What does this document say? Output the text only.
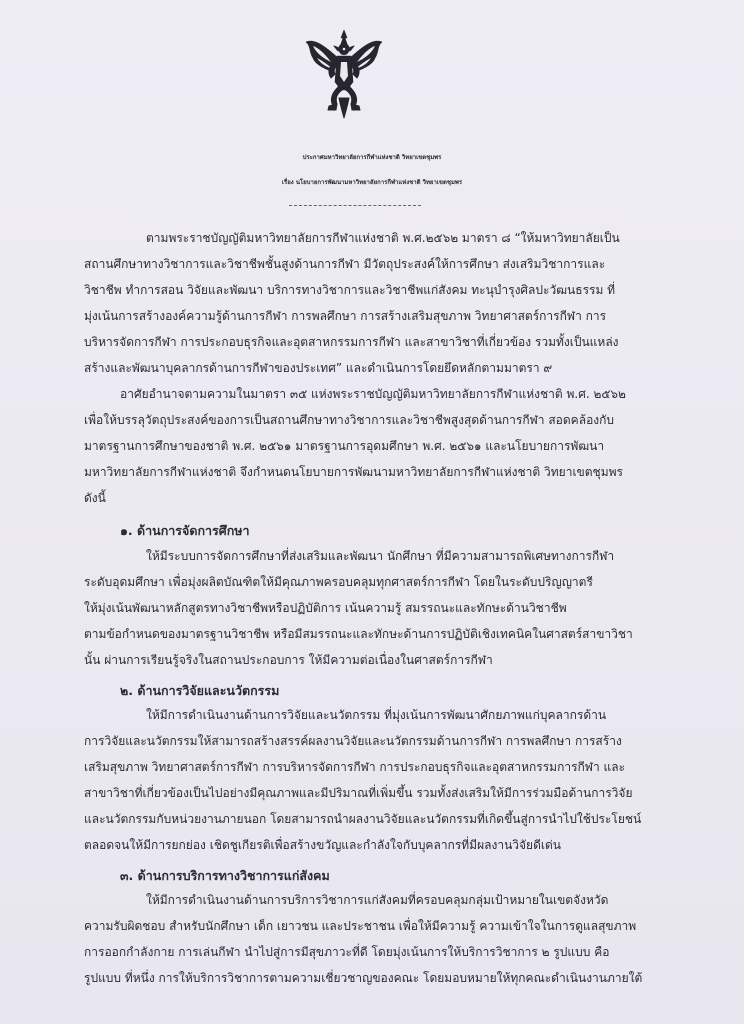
ประกาศมหาวิทยาลัยการกีฬาแห่งชาติ วิทยาเขตชุมพร
เรื่อง นโยบายการพัฒนามหาวิทยาลัยการกีฬาแห่งชาติ วิทยาเขตชุมพร
ตามพระราชบัญญัติมหาวิทยาลัยการกีฬาแห่งชาติ พ.ศ.๒๕๖๒ มาตรา ๘ “ให้มหาวิทยาลัยเป็น
สถานศึกษาทางวิชาการและวิชาชีพชั้นสูงด้านการกีฬา มีวัตถุประสงค์ให้การศึกษา ส่งเสริมวิชาการและ
วิชาชีพ ทำการสอน วิจัยและพัฒนา บริการทางวิชาการและวิชาชีพแก่สังคม ทะนุบำรุงศิลปะวัฒนธรรม ที่
มุ่งเน้นการสร้างองค์ความรู้ด้านการกีฬา การพลศึกษา การสร้างเสริมสุขภาพ วิทยาศาสตร์การกีฬา การ
บริหารจัดการกีฬา การประกอบธุรกิจและอุตสาหกรรมการกีฬา และสาขาวิชาที่เกี่ยวข้อง รวมทั้งเป็นแหล่ง
สร้างและพัฒนาบุคลากรด้านการกีฬาของประเทศ” และดำเนินการโดยยึดหลักตามมาตรา ๙
อาศัยอำนาจตามความในมาตรา ๓๕ แห่งพระราชบัญญัติมหาวิทยาลัยการกีฬาแห่งชาติ พ.ศ. ๒๕๖๒
เพื่อให้บรรลุวัตถุประสงค์ของการเป็นสถานศึกษาทางวิชาการและวิชาชีพสูงสุดด้านการกีฬา สอดคล้องกับ
มาตรฐานการศึกษาของชาติ พ.ศ. ๒๕๖๑ มาตรฐานการอุดมศึกษา พ.ศ. ๒๕๖๑ และนโยบายการพัฒนา
มหาวิทยาลัยการกีฬาแห่งชาติ จึงกำหนดนโยบายการพัฒนามหาวิทยาลัยการกีฬาแห่งชาติ วิทยาเขตชุมพร
ดังนี้
๑. ด้านการจัดการศึกษา
ให้มีระบบการจัดการศึกษาที่ส่งเสริมและพัฒนา นักศึกษา ที่มีความสามารถพิเศษทางการกีฬา
ระดับอุดมศึกษา เพื่อมุ่งผลิตบัณฑิตให้มีคุณภาพครอบคลุมทุกศาสตร์การกีฬา โดยในระดับปริญญาตรี
ให้มุ่งเน้นพัฒนาหลักสูตรทางวิชาชีพหรือปฏิบัติการ เน้นความรู้ สมรรถนะและทักษะด้านวิชาชีพ
ตามข้อกำหนดของมาตรฐานวิชาชีพ หรือมีสมรรถนะและทักษะด้านการปฏิบัติเชิงเทคนิคในศาสตร์สาขาวิชา
นั้น ผ่านการเรียนรู้จริงในสถานประกอบการ ให้มีความต่อเนื่องในศาสตร์การกีฬา
๒. ด้านการวิจัยและนวัตกรรม
ให้มีการดำเนินงานด้านการวิจัยและนวัตกรรม ที่มุ่งเน้นการพัฒนาศักยภาพแก่บุคลากรด้าน
การวิจัยและนวัตกรรมให้สามารถสร้างสรรค์ผลงานวิจัยและนวัตกรรมด้านการกีฬา การพลศึกษา การสร้าง
เสริมสุขภาพ วิทยาศาสตร์การกีฬา การบริหารจัดการกีฬา การประกอบธุรกิจและอุตสาหกรรมการกีฬา และ
สาขาวิชาที่เกี่ยวข้องเป็นไปอย่างมีคุณภาพและมีปริมาณที่เพิ่มขึ้น รวมทั้งส่งเสริมให้มีการร่วมมือด้านการวิจัย
และนวัตกรรมกับหน่วยงานภายนอก โดยสามารถนำผลงานวิจัยและนวัตกรรมที่เกิดขึ้นสู่การนำไปใช้ประโยชน์
ตลอดจนให้มีการยกย่อง เชิดชูเกียรติเพื่อสร้างขวัญและกำลังใจกับบุคลากรที่มีผลงานวิจัยดีเด่น
๓. ด้านการบริการทางวิชาการแก่สังคม
ให้มีการดำเนินงานด้านการบริการวิชาการแก่สังคมที่ครอบคลุมกลุ่มเป้าหมายในเขตจังหวัด
ความรับผิดชอบ สำหรับนักศึกษา เด็ก เยาวชน และประชาชน เพื่อให้มีความรู้ ความเข้าใจในการดูแลสุขภาพ
การออกกำลังกาย การเล่นกีฬา นำไปสู่การมีสุขภาวะที่ดี โดยมุ่งเน้นการให้บริการวิชาการ ๒ รูปแบบ คือ
รูปแบบ ที่หนึ่ง การให้บริการวิชาการตามความเชี่ยวชาญของคณะ โดยมอบหมายให้ทุกคณะดำเนินงานภายใต้
